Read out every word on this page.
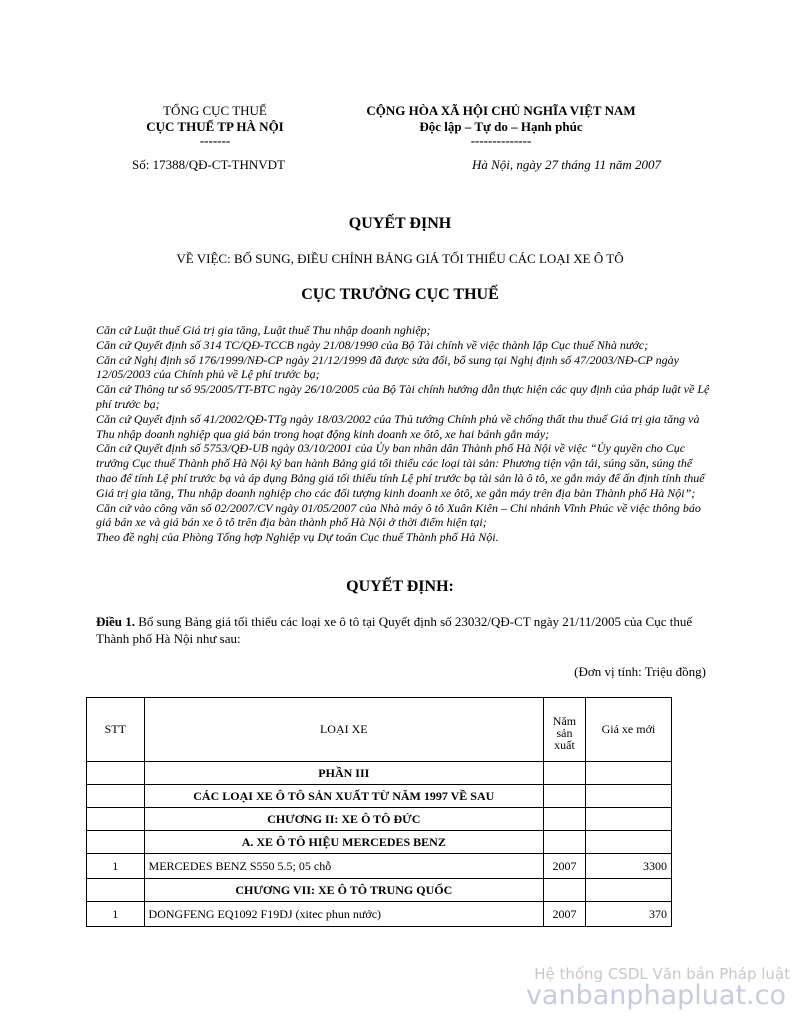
TỔNG CỤC THUẾ
CỤC THUẾ TP HÀ NỘI
-------
Số: 17388/QĐ-CT-THNVDT
CỘNG HÒA XÃ HỘI CHỦ NGHĨA VIỆT NAM
Độc lập – Tự do – Hạnh phúc
--------------
Hà Nội, ngày 27 tháng 11 năm 2007
QUYẾT ĐỊNH
VỀ VIỆC: BỔ SUNG, ĐIỀU CHỈNH BẢNG GIÁ TỐI THIỂU CÁC LOẠI XE Ô TÔ
CỤC TRƯỞNG CỤC THUẾ
Căn cứ Luật thuế Giá trị gia tăng, Luật thuế Thu nhập doanh nghiệp;
Căn cứ Quyết định số 314 TC/QĐ-TCCB ngày 21/08/1990 của Bộ Tài chính về việc thành lập Cục thuế Nhà nước;
Căn cứ Nghị định số 176/1999/NĐ-CP ngày 21/12/1999 đã được sửa đổi, bổ sung tại Nghị định số 47/2003/NĐ-CP ngày 12/05/2003 của Chính phủ về Lệ phí trước bạ;
Căn cứ Thông tư số 95/2005/TT-BTC ngày 26/10/2005 của Bộ Tài chính hướng dẫn thực hiện các quy định của pháp luật về Lệ phí trước bạ;
Căn cứ Quyết định số 41/2002/QĐ-TTg ngày 18/03/2002 của Thủ tướng Chính phủ về chống thất thu thuế Giá trị gia tăng và Thu nhập doanh nghiệp qua giá bán trong hoạt động kinh doanh xe ôtô, xe hai bánh gắn máy;
Căn cứ Quyết định số 5753/QĐ-UB ngày 03/10/2001 của Ủy ban nhân dân Thành phố Hà Nội về việc “Ủy quyền cho Cục trưởng Cục thuế Thành phố Hà Nội ký ban hành Bảng giá tối thiểu các loại tài sản: Phương tiện vận tải, súng săn, súng thể thao để tính Lệ phí trước bạ và áp dụng Bảng giá tối thiểu tính Lệ phí trước bạ tài sản là ô tô, xe gắn máy để ấn định tính thuế Giá trị gia tăng, Thu nhập doanh nghiệp cho các đối tượng kinh doanh xe ôtô, xe gắn máy trên địa bàn Thành phố Hà Nội”;
Căn cứ vào công văn số 02/2007/CV ngày 01/05/2007 của Nhà máy ô tô Xuân Kiên – Chi nhánh Vĩnh Phúc về việc thông báo giá bán xe và giá bán xe ô tô trên địa bàn thành phố Hà Nội ở thời điểm hiện tại;
Theo đề nghị của Phòng Tổng hợp Nghiệp vụ Dự toán Cục thuế Thành phố Hà Nội.
QUYẾT ĐỊNH:
Điều 1. Bổ sung Bảng giá tối thiểu các loại xe ô tô tại Quyết định số 23032/QĐ-CT ngày 21/11/2005 của Cục thuế Thành phố Hà Nội như sau:
(Đơn vị tính: Triệu đồng)
STT	LOẠI XE	Năm sản xuất	Giá xe mới
	PHẦN III		
	CÁC LOẠI XE Ô TÔ SẢN XUẤT TỪ NĂM 1997 VỀ SAU		
	CHƯƠNG II: XE Ô TÔ ĐỨC		
	A. XE Ô TÔ HIỆU MERCEDES BENZ		
1	MERCEDES BENZ S550 5.5; 05 chỗ	2007	3300
	CHƯƠNG VII: XE Ô TÔ TRUNG QUỐC		
1	DONGFENG EQ1092 F19DJ (xitec phun nước)	2007	370
Hệ thống CSDL Văn bản Pháp luật
vanbanphapluat.co
